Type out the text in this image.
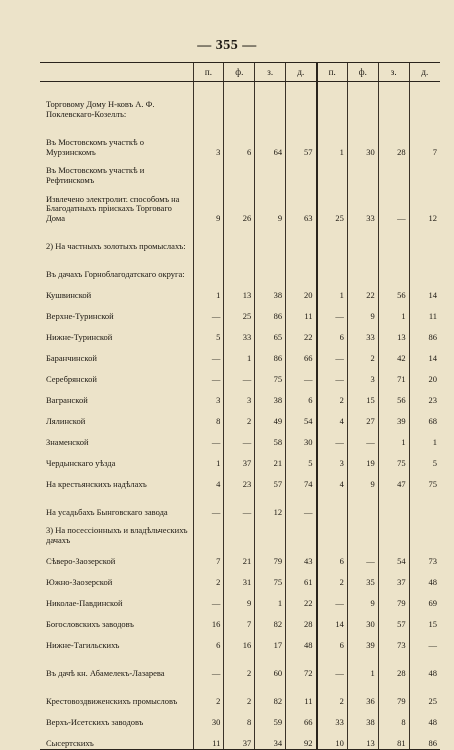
— 355 —
	п.	ф.	з.	д.	п.	ф.	з.	д.
Торговому Дому Н-ковъ А. Ф. Поклевскаго-Козеллъ:								
Въ Мостовскомъ участкѣ о Мурзинскомъ	3	6	64	57	1	30	28	7
Въ Мостовскомъ участкѣ и Рефтинскомъ								
Извлечено электролит. способомъ на Благодатныхъ пріискахъ Торговаго Дома	9	26	9	63	25	33	—	12
2) На частныхъ золотыхъ промыслахъ:								
Въ дачахъ Горноблагодатскаго округа:								
Кушвинской	1	13	38	20	1	22	56	14
Верхне-Туринской	—	25	86	11	—	9	1	11
Нижне-Туринской	5	33	65	22	6	33	13	86
Баранчинской	—	1	86	66	—	2	42	14
Серебрянской	—	—	75	—	—	3	71	20
Вагранской	3	3	38	6	2	15	56	23
Лялинской	8	2	49	54	4	27	39	68
Знаменской	—	—	58	30	—	—	1	1
Чердынскаго уѣзда	1	37	21	5	3	19	75	5
На крестьянскихъ надѣлахъ	4	23	57	74	4	9	47	75
На усадьбахъ Бынговскаго завода	—	—	12	—				
3) На посессіонныхъ и владѣльческихъ дачахъ								
Сѣверо-Заозерской	7	21	79	43	6	—	54	73
Южно-Заозерской	2	31	75	61	2	35	37	48
Николае-Павдинской	—	9	1	22	—	9	79	69
Богословскихъ заводовъ	16	7	82	28	14	30	57	15
Нижне-Тагильскихъ	6	16	17	48	6	39	73	—
Въ дачѣ кн. Абамелекъ-Лазарева	—	2	60	72	—	1	28	48
Крестовоздвиженскихъ промысловъ	2	2	82	11	2	36	79	25
Верхъ-Исетскихъ заводовъ	30	8	59	66	33	38	8	48
Сысертскихъ	11	37	34	92	10	13	81	86
